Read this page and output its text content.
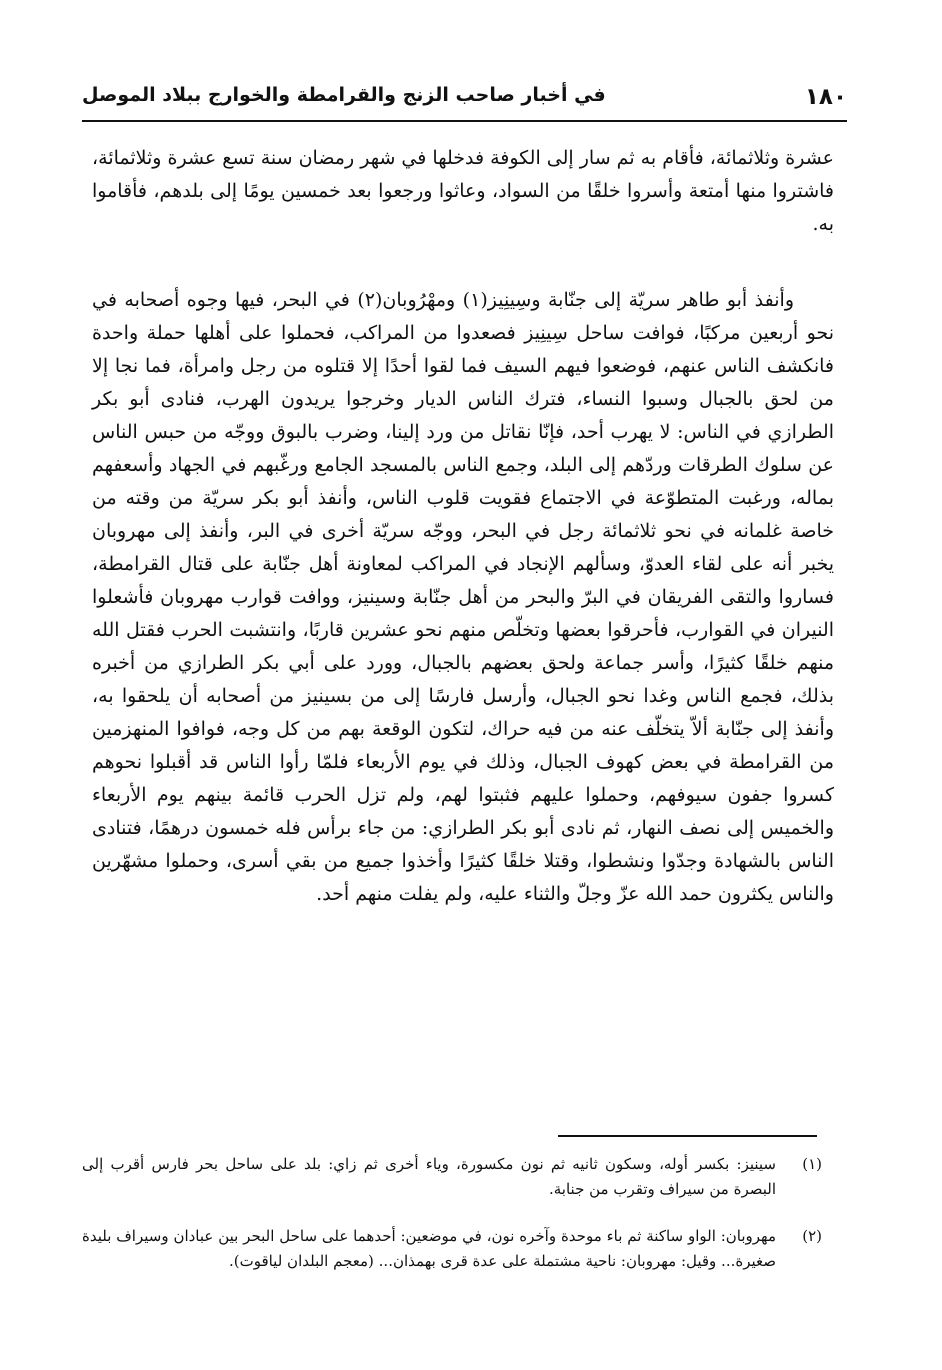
١٨٠
في أخبار صاحب الزنج والقرامطة والخوارج ببلاد الموصل

عشرة وثلاثمائة، فأقام به ثم سار إلى الكوفة فدخلها في شهر رمضان سنة تسع عشرة وثلاثمائة، فاشتروا منها أمتعة وأسروا خلقًا من السواد، وعاثوا ورجعوا بعد خمسين يومًا إلى بلدهم، فأقاموا به.

وأنفذ أبو طاهر سريّة إلى جنّابة وسِينِيز(١) ومهْرُوبان(٢) في البحر، فيها وجوه أصحابه في نحو أربعين مركبًا، فوافت ساحل سِينِيز فصعدوا من المراكب، فحملوا على أهلها حملة واحدة فانكشف الناس عنهم، فوضعوا فيهم السيف فما لقوا أحدًا إلا قتلوه من رجل وامرأة، فما نجا إلا من لحق بالجبال وسبوا النساء، فترك الناس الديار وخرجوا يريدون الهرب، فنادى أبو بكر الطرازي في الناس: لا يهرب أحد، فإنّا نقاتل من ورد إلينا، وضرب بالبوق ووجّه من حبس الناس عن سلوك الطرقات وردّهم إلى البلد، وجمع الناس بالمسجد الجامع ورغّبهم في الجهاد وأسعفهم بماله، ورغبت المتطوّعة في الاجتماع فقويت قلوب الناس، وأنفذ أبو بكر سريّة من وقته من خاصة غلمانه في نحو ثلاثمائة رجل في البحر، ووجّه سريّة أخرى في البر، وأنفذ إلى مهروبان يخبر أنه على لقاء العدوّ، وسألهم الإنجاد في المراكب لمعاونة أهل جنّابة على قتال القرامطة، فساروا والتقى الفريقان في البرّ والبحر من أهل جنّابة وسينيز، ووافت قوارب مهروبان فأشعلوا النيران في القوارب، فأحرقوا بعضها وتخلّص منهم نحو عشرين قاربًا، وانتشبت الحرب فقتل الله منهم خلقًا كثيرًا، وأسر جماعة ولحق بعضهم بالجبال، وورد على أبي بكر الطرازي من أخبره بذلك، فجمع الناس وغدا نحو الجبال، وأرسل فارسًا إلى من بسينيز من أصحابه أن يلحقوا به، وأنفذ إلى جنّابة ألاّ يتخلّف عنه من فيه حراك، لتكون الوقعة بهم من كل وجه، فوافوا المنهزمين من القرامطة في بعض كهوف الجبال، وذلك في يوم الأربعاء فلمّا رأوا الناس قد أقبلوا نحوهم كسروا جفون سيوفهم، وحملوا عليهم فثبتوا لهم، ولم تزل الحرب قائمة بينهم يوم الأربعاء والخميس إلى نصف النهار، ثم نادى أبو بكر الطرازي: من جاء برأس فله خمسون درهمًا، فتنادى الناس بالشهادة وجدّوا ونشطوا، وقتلا خلقًا كثيرًا وأخذوا جميع من بقي أسرى، وحملوا مشهّرين والناس يكثرون حمد الله عزّ وجلّ والثناء عليه، ولم يفلت منهم أحد.

(١)
سينيز: بكسر أوله، وسكون ثانيه ثم نون مكسورة، وياء أخرى ثم زاي: بلد على ساحل بحر فارس أقرب إلى البصرة من سيراف وتقرب من جنابة.
(٢)
مهروبان: الواو ساكنة ثم باء موحدة وآخره نون، في موضعين: أحدهما على ساحل البحر بين عبادان وسيراف بليدة صغيرة... وقيل: مهروبان: ناحية مشتملة على عدة قرى بهمذان... (معجم البلدان لياقوت).
